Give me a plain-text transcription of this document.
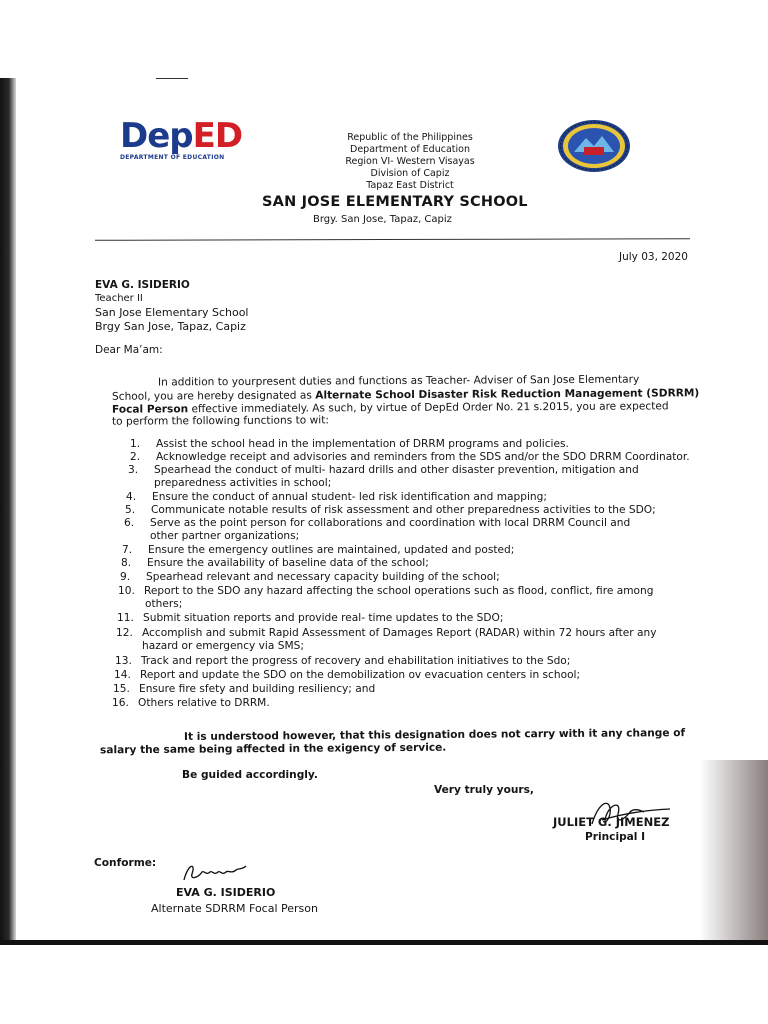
DepED
DEPARTMENT OF EDUCATION
Republic of the Philippines
Department of Education
Region VI- Western Visayas
Division of Capiz
Tapaz East District
SAN JOSE ELEMENTARY SCHOOL
Brgy. San Jose, Tapaz, Capiz
July 03, 2020
EVA G. ISIDERIO
Teacher II
San Jose Elementary School
Brgy San Jose, Tapaz, Capiz
Dear Ma’am:
In addition to yourpresent duties and functions as Teacher- Adviser of San Jose Elementary
School, you are hereby designated as Alternate School Disaster Risk Reduction Management (SDRRM)
Focal Person effective immediately. As such, by virtue of DepEd Order No. 21 s.2015, you are expected
to perform the following functions to wit:
1. Assist the school head in the implementation of DRRM programs and policies.
2. Acknowledge receipt and advisories and reminders from the SDS and/or the SDO DRRM Coordinator.
3. Spearhead the conduct of multi- hazard drills and other disaster prevention, mitigation and
preparedness activities in school;
4. Ensure the conduct of annual student- led risk identification and mapping;
5. Communicate notable results of risk assessment and other preparedness activities to the SDO;
6. Serve as the point person for collaborations and coordination with local DRRM Council and
other partner organizations;
7. Ensure the emergency outlines are maintained, updated and posted;
8. Ensure the availability of baseline data of the school;
9. Spearhead relevant and necessary capacity building of the school;
10. Report to the SDO any hazard affecting the school operations such as flood, conflict, fire among
others;
11. Submit situation reports and provide real- time updates to the SDO;
12. Accomplish and submit Rapid Assessment of Damages Report (RADAR) within 72 hours after any
hazard or emergency via SMS;
13. Track and report the progress of recovery and ehabilitation initiatives to the Sdo;
14. Report and update the SDO on the demobilization ov evacuation centers in school;
15. Ensure fire sfety and building resiliency; and
16. Others relative to DRRM.
It is understood however, that this designation does not carry with it any change of
salary the same being affected in the exigency of service.
Be guided accordingly.
Very truly yours,
JULIET G. JIMENEZ
Principal I
Conforme:
EVA G. ISIDERIO
Alternate SDRRM Focal Person
